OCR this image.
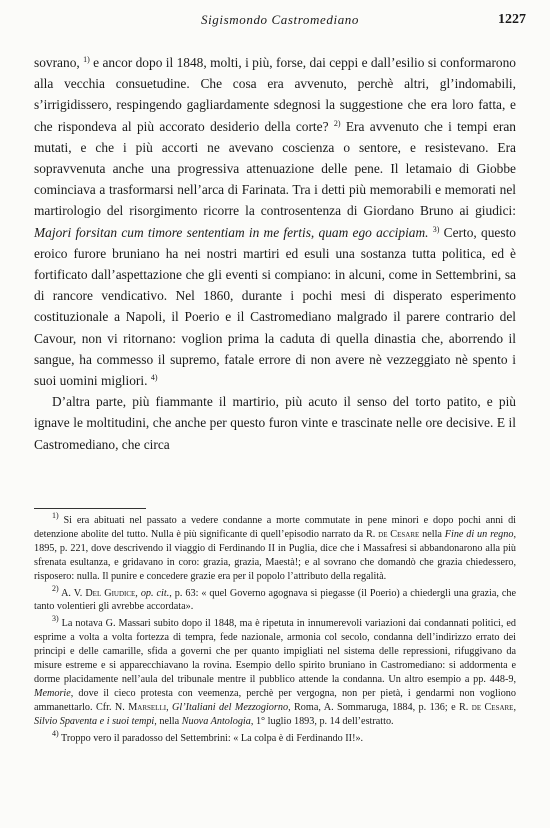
Sigismondo Castromediano	1227

sovrano, $^{1)}$ e ancor dopo il 1848, molti, i più, forse, dai ceppi e dall’esilio si conformarono alla vecchia consuetudine. Che cosa era avvenuto, perchè altri, gl’indomabili, s’irrigidissero, respingendo gagliardamente sdegnosi la suggestione che era loro fatta, e che rispondeva al più accorato desiderio della corte? $^{2)}$ Era avvenuto che i tempi eran mutati, e che i più accorti ne avevano coscienza o sentore, e resistevano. Era sopravvenuta anche una progressiva attenuazione delle pene. Il letamaio di Giobbe cominciava a trasformarsi nell’arca di Farinata. Tra i detti più memorabili e memorati nel martirologio del risorgimento ricorre la controsentenza di Giordano Bruno ai giudici: Majori forsitan cum timore sententiam in me fertis, quam ego accipiam. $^{3)}$ Certo, questo eroico furore bruniano ha nei nostri martiri ed esuli una sostanza tutta politica, ed è fortificato dall’aspettazione che gli eventi si compiano: in alcuni, come in Settembrini, sa di rancore vendicativo. Nel 1860, durante i pochi mesi di disperato esperimento costituzionale a Napoli, il Poerio e il Castromediano malgrado il parere contrario del Cavour, non vi ritornano: voglion prima la caduta di quella dinastia che, aborrendo il sangue, ha commesso il supremo, fatale errore di non avere nè vezzeggiato nè spento i suoi uomini migliori. $^{4)}$

D’altra parte, più fiammante il martirio, più acuto il senso del torto patito, e più ignave le moltitudini, che anche per questo furon vinte e trascinate nelle ore decisive. E il Castromediano, che circa

$^{1)}$ Si era abituati nel passato a vedere condanne a morte commutate in pene minori e dopo pochi anni di detenzione abolite del tutto. Nulla è più significante di quell’episodio narrato da R. de Cesare nella Fine di un regno, 1895, p. 221, dove descrivendo il viaggio di Ferdinando II in Puglia, dice che i Massafresi si abbandonarono alla più sfrenata esultanza, e gridavano in coro: grazia, grazia, Maestà!; e al sovrano che domandò che grazia chiedessero, risposero: nulla. Il punire e concedere grazie era per il popolo l’attributo della regalità.

$^{2)}$ A. V. Del Giudice, op. cit., p. 63: « quel Governo agognava si piegasse (il Poerio) a chiedergli una grazia, che tanto volentieri gli avrebbe accordata».

$^{3)}$ La notava G. Massari subito dopo il 1848, ma è ripetuta in innumerevoli variazioni dai condannati politici, ed esprime a volta a volta fortezza di tempra, fede nazionale, armonia col secolo, condanna dell’indirizzo errato dei principi e delle camarille, sfida a governi che per quanto impigliati nel sistema delle repressioni, rifuggivano da misure estreme e si apparecchiavano la rovina. Esempio dello spirito bruniano in Castromediano: si addormenta e dorme placidamente nell’aula del tribunale mentre il pubblico attende la condanna. Un altro esempio a pp. 448-9, Memorie, dove il cieco protesta con veemenza, perchè per vergogna, non per pietà, i gendarmi non vogliono ammanettarlo. Cfr. N. Marselli, Gl’Italiani del Mezzogiorno, Roma, A. Sommaruga, 1884, p. 136; e R. de Cesare, Silvio Spaventa e i suoi tempi, nella Nuova Antologia, 1° luglio 1893, p. 14 dell’estratto.

$^{4)}$ Troppo vero il paradosso del Settembrini: « La colpa è di Ferdinando II!».
